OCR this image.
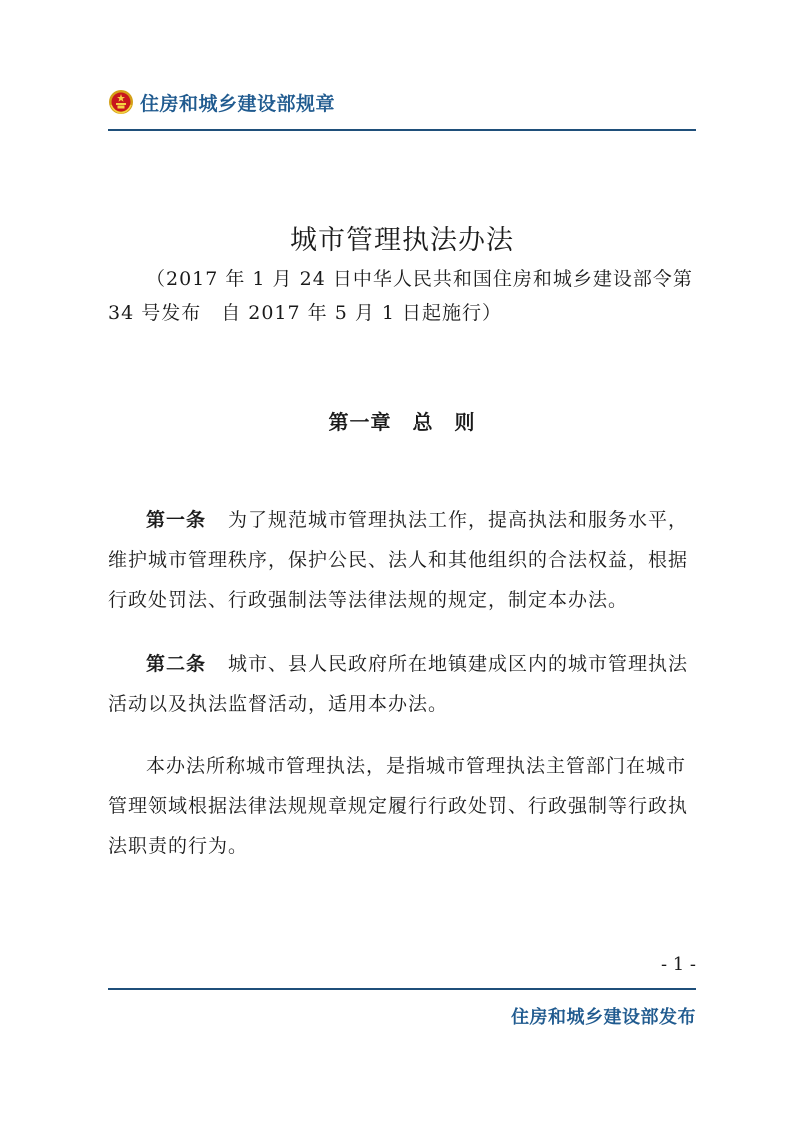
住房和城乡建设部规章
城市管理执法办法
（2017 年 1 月 24 日中华人民共和国住房和城乡建设部令第
34 号发布　自 2017 年 5 月 1 日起施行）
第一章　总　则
第一条 为了规范城市管理执法工作，提高执法和服务水平，
维护城市管理秩序，保护公民、法人和其他组织的合法权益，根据
行政处罚法、行政强制法等法律法规的规定，制定本办法。
第二条 城市、县人民政府所在地镇建成区内的城市管理执法
活动以及执法监督活动，适用本办法。
本办法所称城市管理执法，是指城市管理执法主管部门在城市
管理领域根据法律法规规章规定履行行政处罚、行政强制等行政执
法职责的行为。
- 1 -
住房和城乡建设部发布
